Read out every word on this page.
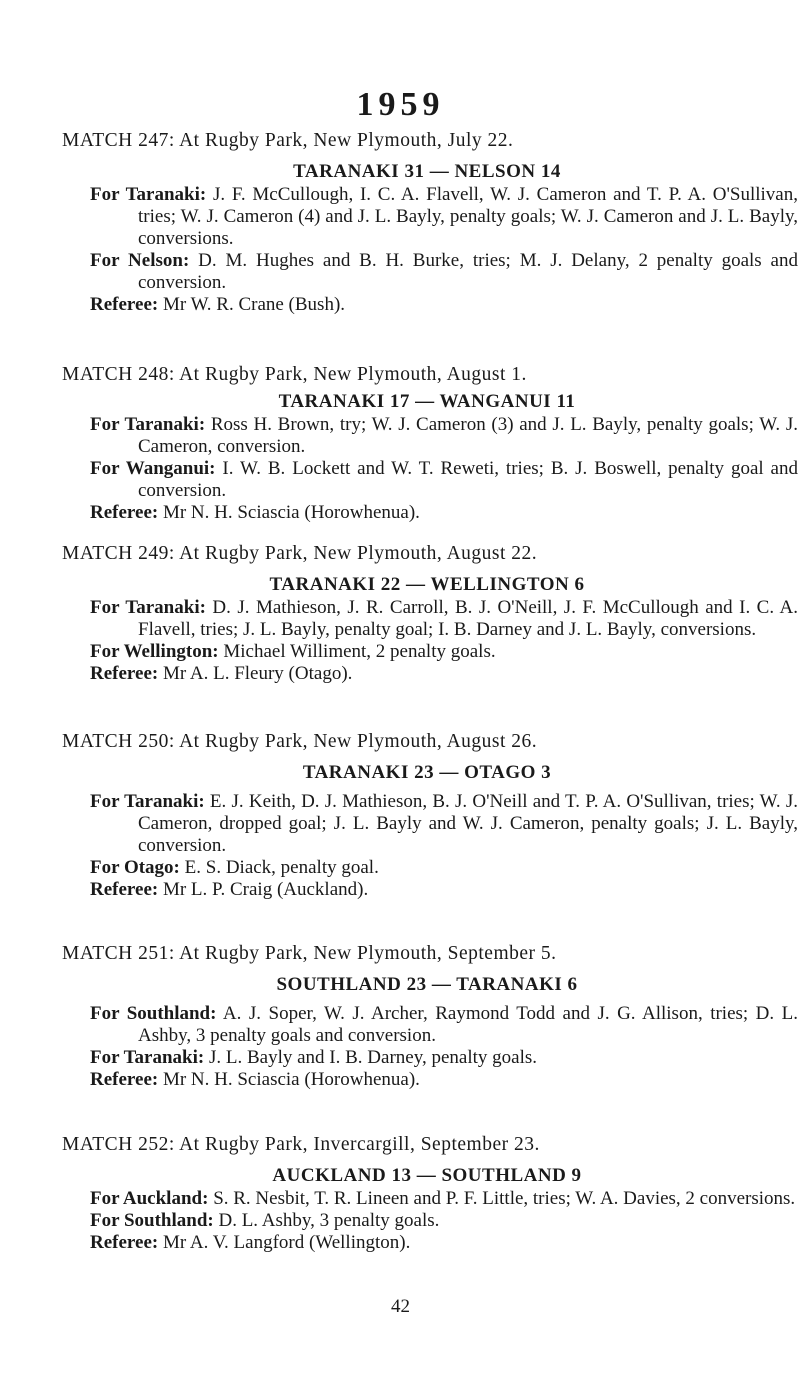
1959
MATCH 247: At Rugby Park, New Plymouth, July 22.
TARANAKI 31 — NELSON 14
For Taranaki: J. F. McCullough, I. C. A. Flavell, W. J. Cameron and T. P. A. O'Sullivan, tries; W. J. Cameron (4) and J. L. Bayly, penalty goals; W. J. Cameron and J. L. Bayly, conversions.
For Nelson: D. M. Hughes and B. H. Burke, tries; M. J. Delany, 2 penalty goals and conversion.
Referee: Mr W. R. Crane (Bush).
MATCH 248: At Rugby Park, New Plymouth, August 1.
TARANAKI 17 — WANGANUI 11
For Taranaki: Ross H. Brown, try; W. J. Cameron (3) and J. L. Bayly, penalty goals; W. J. Cameron, conversion.
For Wanganui: I. W. B. Lockett and W. T. Reweti, tries; B. J. Boswell, penalty goal and conversion.
Referee: Mr N. H. Sciascia (Horowhenua).
MATCH 249: At Rugby Park, New Plymouth, August 22.
TARANAKI 22 — WELLINGTON 6
For Taranaki: D. J. Mathieson, J. R. Carroll, B. J. O'Neill, J. F. McCullough and I. C. A. Flavell, tries; J. L. Bayly, penalty goal; I. B. Darney and J. L. Bayly, conversions.
For Wellington: Michael Williment, 2 penalty goals.
Referee: Mr A. L. Fleury (Otago).
MATCH 250: At Rugby Park, New Plymouth, August 26.
TARANAKI 23 — OTAGO 3
For Taranaki: E. J. Keith, D. J. Mathieson, B. J. O'Neill and T. P. A. O'Sullivan, tries; W. J. Cameron, dropped goal; J. L. Bayly and W. J. Cameron, penalty goals; J. L. Bayly, conversion.
For Otago: E. S. Diack, penalty goal.
Referee: Mr L. P. Craig (Auckland).
MATCH 251: At Rugby Park, New Plymouth, September 5.
SOUTHLAND 23 — TARANAKI 6
For Southland: A. J. Soper, W. J. Archer, Raymond Todd and J. G. Allison, tries; D. L. Ashby, 3 penalty goals and conversion.
For Taranaki: J. L. Bayly and I. B. Darney, penalty goals.
Referee: Mr N. H. Sciascia (Horowhenua).
MATCH 252: At Rugby Park, Invercargill, September 23.
AUCKLAND 13 — SOUTHLAND 9
For Auckland: S. R. Nesbit, T. R. Lineen and P. F. Little, tries; W. A. Davies, 2 conversions.
For Southland: D. L. Ashby, 3 penalty goals.
Referee: Mr A. V. Langford (Wellington).
42
